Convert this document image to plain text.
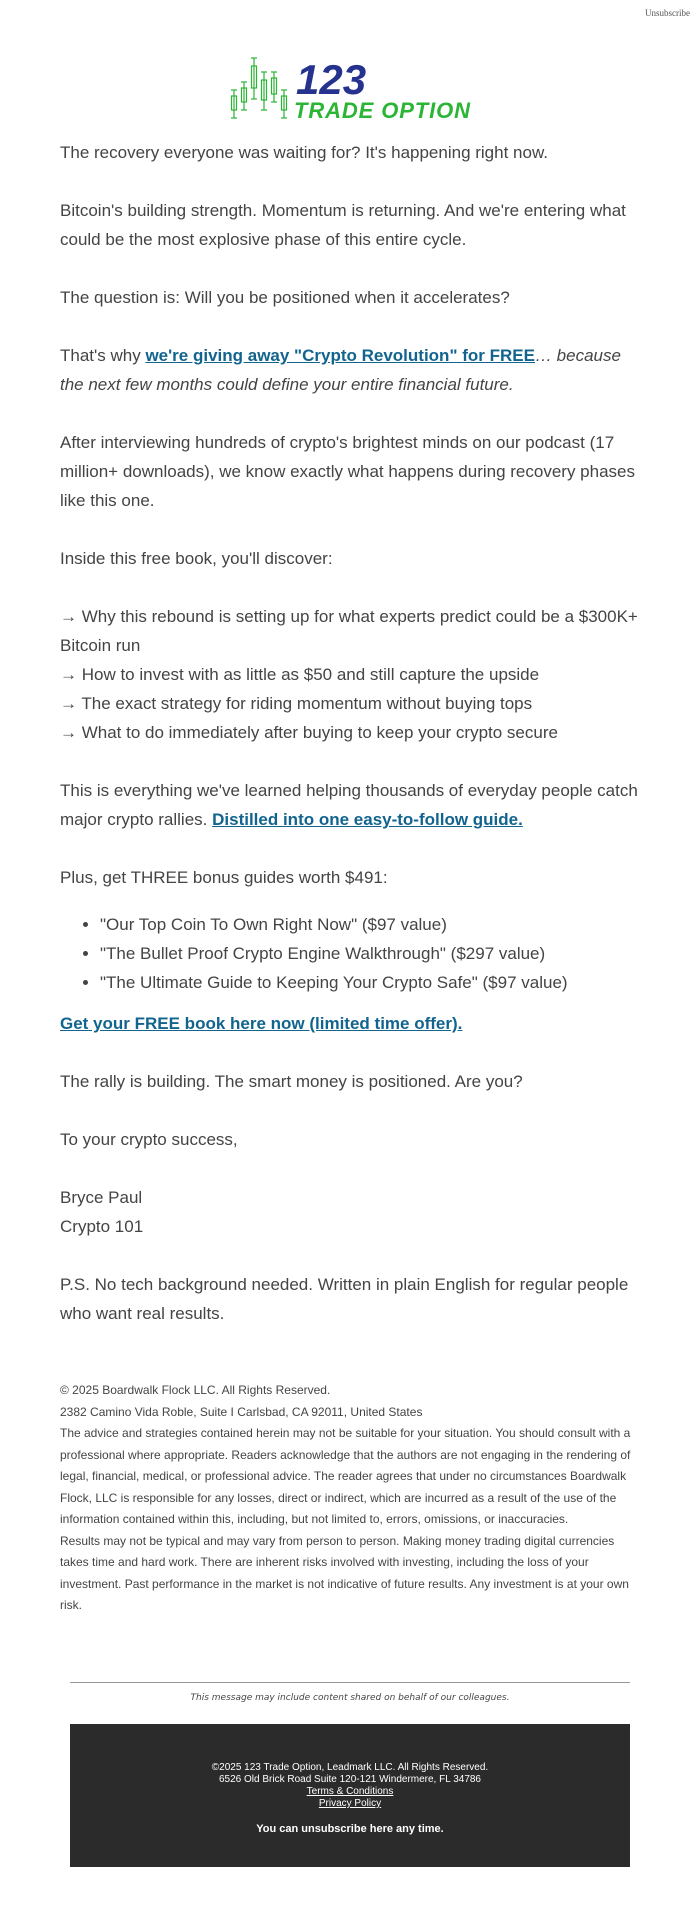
Unsubscribe
123
TRADE OPTION

The recovery everyone was waiting for? It's happening right now.

Bitcoin's building strength. Momentum is returning. And we're entering what could be the most explosive phase of this entire cycle.

The question is: Will you be positioned when it accelerates?

That's why we're giving away "Crypto Revolution" for FREE… because the next few months could define your entire financial future.

After interviewing hundreds of crypto's brightest minds on our podcast (17 million+ downloads), we know exactly what happens during recovery phases like this one.

Inside this free book, you'll discover:

→ Why this rebound is setting up for what experts predict could be a $300K+ Bitcoin run

→ How to invest with as little as $50 and still capture the upside

→ The exact strategy for riding momentum without buying tops

→ What to do immediately after buying to keep your crypto secure

This is everything we've learned helping thousands of everyday people catch major crypto rallies. Distilled into one easy-to-follow guide.

Plus, get THREE bonus guides worth $491:

• "Our Top Coin To Own Right Now" ($97 value)
• "The Bullet Proof Crypto Engine Walkthrough" ($297 value)
• "The Ultimate Guide to Keeping Your Crypto Safe" ($97 value)

Get your FREE book here now (limited time offer).

The rally is building. The smart money is positioned. Are you?

To your crypto success,

Bryce Paul

Crypto 101

P.S. No tech background needed. Written in plain English for regular people who want real results.

© 2025 Boardwalk Flock LLC. All Rights Reserved.
2382 Camino Vida Roble, Suite I Carlsbad, CA 92011, United States
The advice and strategies contained herein may not be suitable for your situation. You should consult with a professional where appropriate. Readers acknowledge that the authors are not engaging in the rendering of legal, financial, medical, or professional advice. The reader agrees that under no circumstances Boardwalk Flock, LLC is responsible for any losses, direct or indirect, which are incurred as a result of the use of the information contained within this, including, but not limited to, errors, omissions, or inaccuracies.
Results may not be typical and may vary from person to person. Making money trading digital currencies takes time and hard work. There are inherent risks involved with investing, including the loss of your investment. Past performance in the market is not indicative of future results. Any investment is at your own risk.
This message may include content shared on behalf of our colleagues.
©2025 123 Trade Option, Leadmark LLC. All Rights Reserved.
6526 Old Brick Road Suite 120-121 Windermere, FL 34786
Terms & Conditions
Privacy Policy
You can unsubscribe here any time.
